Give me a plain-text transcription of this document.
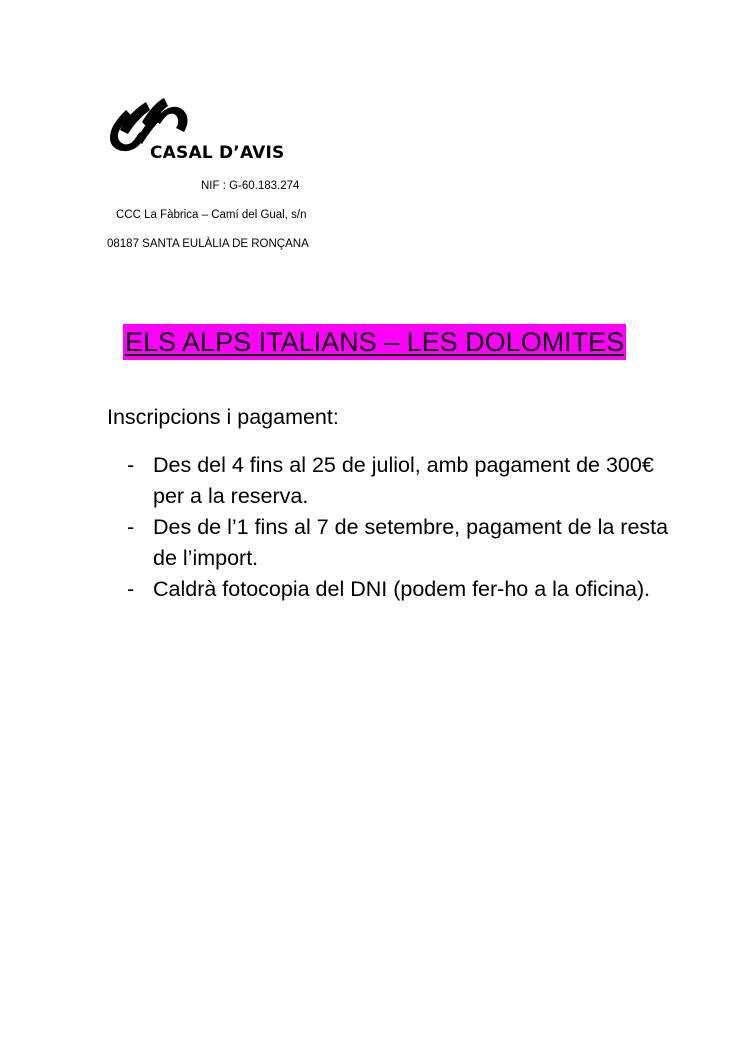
CASAL D’AVIS
NIF : G-60.183.274
CCC La Fàbrica – Camí del Gual, s/n
08187 SANTA EULÀLIA DE RONÇANA
ELS ALPS ITALIANS – LES DOLOMITES
Inscripcions i pagament:
- Des del 4 fins al 25 de juliol, amb pagament de 300€ per a la reserva.
- Des de l’1 fins al 7 de setembre, pagament de la resta de l’import.
- Caldrà fotocopia del DNI (podem fer-ho a la oficina).
